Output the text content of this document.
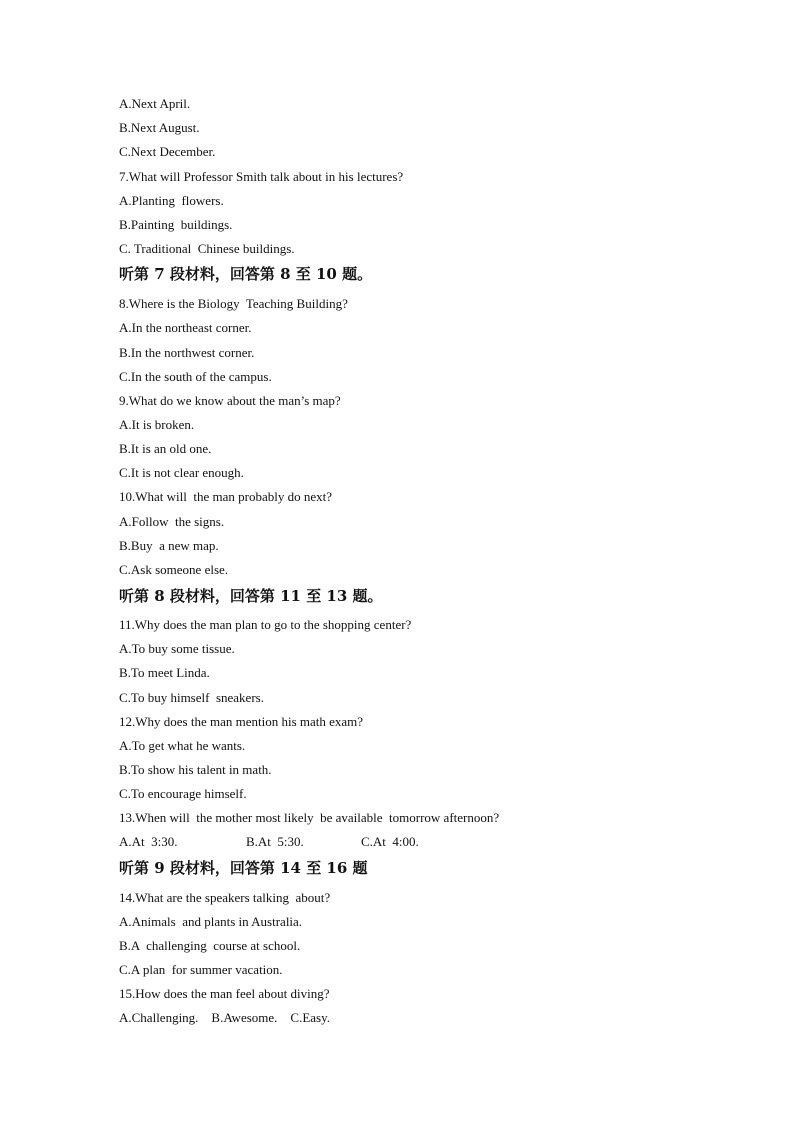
A.Next April.
B.Next August.
C.Next December.
7.What will Professor Smith talk about in his lectures?
A.Planting  flowers.
B.Painting  buildings.
C. Traditional  Chinese buildings.
听第 7 段材料，回答第 8 至 10 题。
8.Where is the Biology  Teaching Building?
A.In the northeast corner.
B.In the northwest corner.
C.In the south of the campus.
9.What do we know about the man’s map?
A.It is broken.
B.It is an old one.
C.It is not clear enough.
10.What will  the man probably do next?
A.Follow  the signs.
B.Buy  a new map.
C.Ask someone else.
听第 8 段材料，回答第 11 至 13 题。
11.Why does the man plan to go to the shopping center?
A.To buy some tissue.
B.To meet Linda.
C.To buy himself  sneakers.
12.Why does the man mention his math exam?
A.To get what he wants.
B.To show his talent in math.
C.To encourage himself.
13.When will  the mother most likely  be available  tomorrow afternoon?

A.At  3:30.

	B.At  5:30.

	C.At  4:00.

听第 9 段材料，回答第 14 至 16 题
14.What are the speakers talking  about?
A.Animals  and plants in Australia.
B.A  challenging  course at school.
C.A plan  for summer vacation.
15.How does the man feel about diving?
A.Challenging.    B.Awesome.    C.Easy.
